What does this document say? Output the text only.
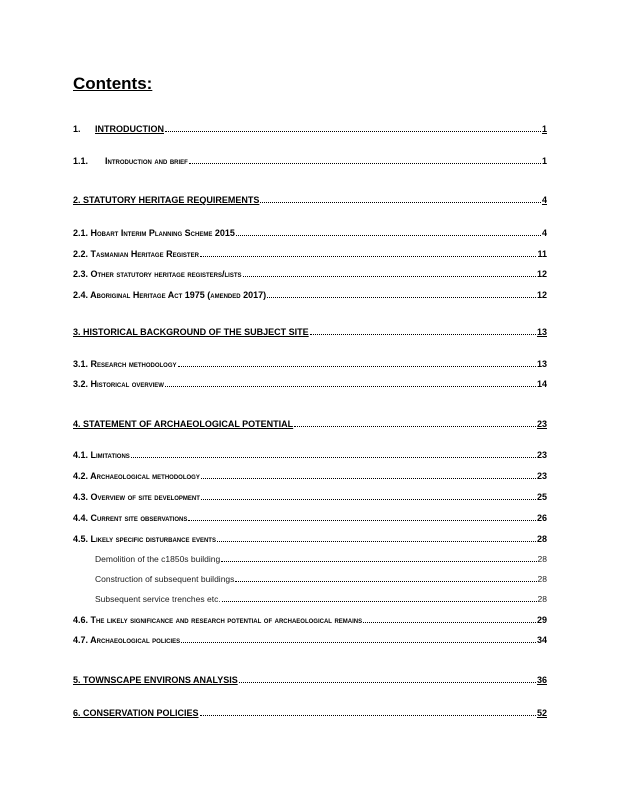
Contents:
1. INTRODUCTION	1
1.1. Introduction and brief	1
2. STATUTORY HERITAGE REQUIREMENTS	4
2.1. Hobart Interim Planning Scheme 2015	4
2.2. Tasmanian Heritage Register	11
2.3. Other statutory heritage registers/lists	12
2.4. Aboriginal Heritage Act 1975 (amended 2017)	12
3. HISTORICAL BACKGROUND OF THE SUBJECT SITE	13
3.1. Research methodology	13
3.2. Historical overview	14
4. STATEMENT OF ARCHAEOLOGICAL POTENTIAL	23
4.1. Limitations	23
4.2. Archaeological methodology	23
4.3. Overview of site development	25
4.4. Current site observations	26
4.5. Likely specific disturbance events	28
Demolition of the c1850s building	28
Construction of subsequent buildings	28
Subsequent service trenches etc.	28
4.6. The likely significance and research potential of archaeological remains	29
4.7. Archaeological policies	34
5. TOWNSCAPE ENVIRONS ANALYSIS	36
6. CONSERVATION POLICIES	52
